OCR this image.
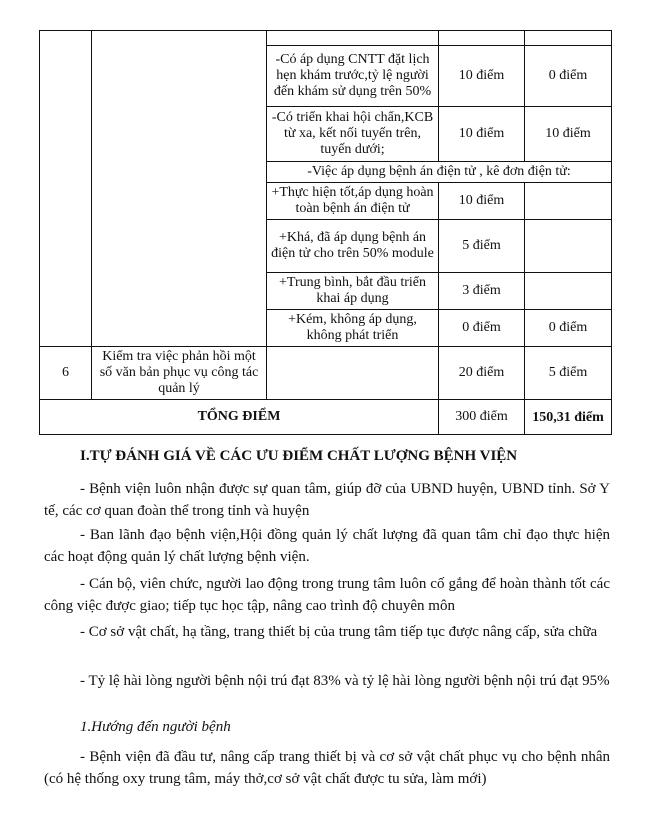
		-Có áp dụng CNTT đặt lịch hẹn khám trước,tỷ lệ người đến khám sử dụng trên 50%	10 điểm	0 điểm
		-Có triển khai hội chẩn,KCB từ xa, kết nối tuyến trên, tuyến dưới;	10 điểm	10 điểm
		-Việc áp dụng bệnh án điện tử , kê đơn điện tử:		
		+Thực hiện tốt,áp dụng hoàn toàn bệnh án điện tử	10 điểm	
		+Khá, đã áp dụng bệnh án điện tử cho trên 50% module	5 điểm	
		+Trung bình, bắt đầu triển khai áp dụng	3 điểm	
		+Kém, không áp dụng, không phát triển	0 điểm	0 điểm
6	Kiểm tra việc phản hồi một số văn bản phục vụ công tác quản lý		20 điểm	5 điểm
TỔNG ĐIỂM			300 điểm	150,31 điểm
I.TỰ ĐÁNH GIÁ VỀ CÁC ƯU ĐIỂM CHẤT LƯỢNG BỆNH VIỆN

- Bệnh viện luôn nhận được sự quan tâm, giúp đỡ của UBND huyện, UBND tỉnh. Sở Y tế, các cơ quan đoàn thể trong tỉnh và huyện

- Ban lãnh đạo bệnh viện,Hội đồng quản lý chất lượng đã quan tâm chỉ đạo thực hiện các hoạt động quản lý chất lượng bệnh viện.

- Cán bộ, viên chức, người lao động trong trung tâm luôn cố gắng để hoàn thành tốt các công việc được giao; tiếp tục học tập, nâng cao trình độ chuyên môn

- Cơ sở vật chất, hạ tầng, trang thiết bị của trung tâm tiếp tục được nâng cấp, sửa chữa

- Tỷ lệ hài lòng người bệnh nội trú đạt 83% và tỷ lệ hài lòng người bệnh nội trú đạt 95%

1.Hướng đến người bệnh

- Bệnh viện đã đầu tư, nâng cấp trang thiết bị và cơ sở vật chất phục vụ cho bệnh nhân (có hệ thống oxy trung tâm, máy thở,cơ sở vật chất được tu sửa, làm mới)
